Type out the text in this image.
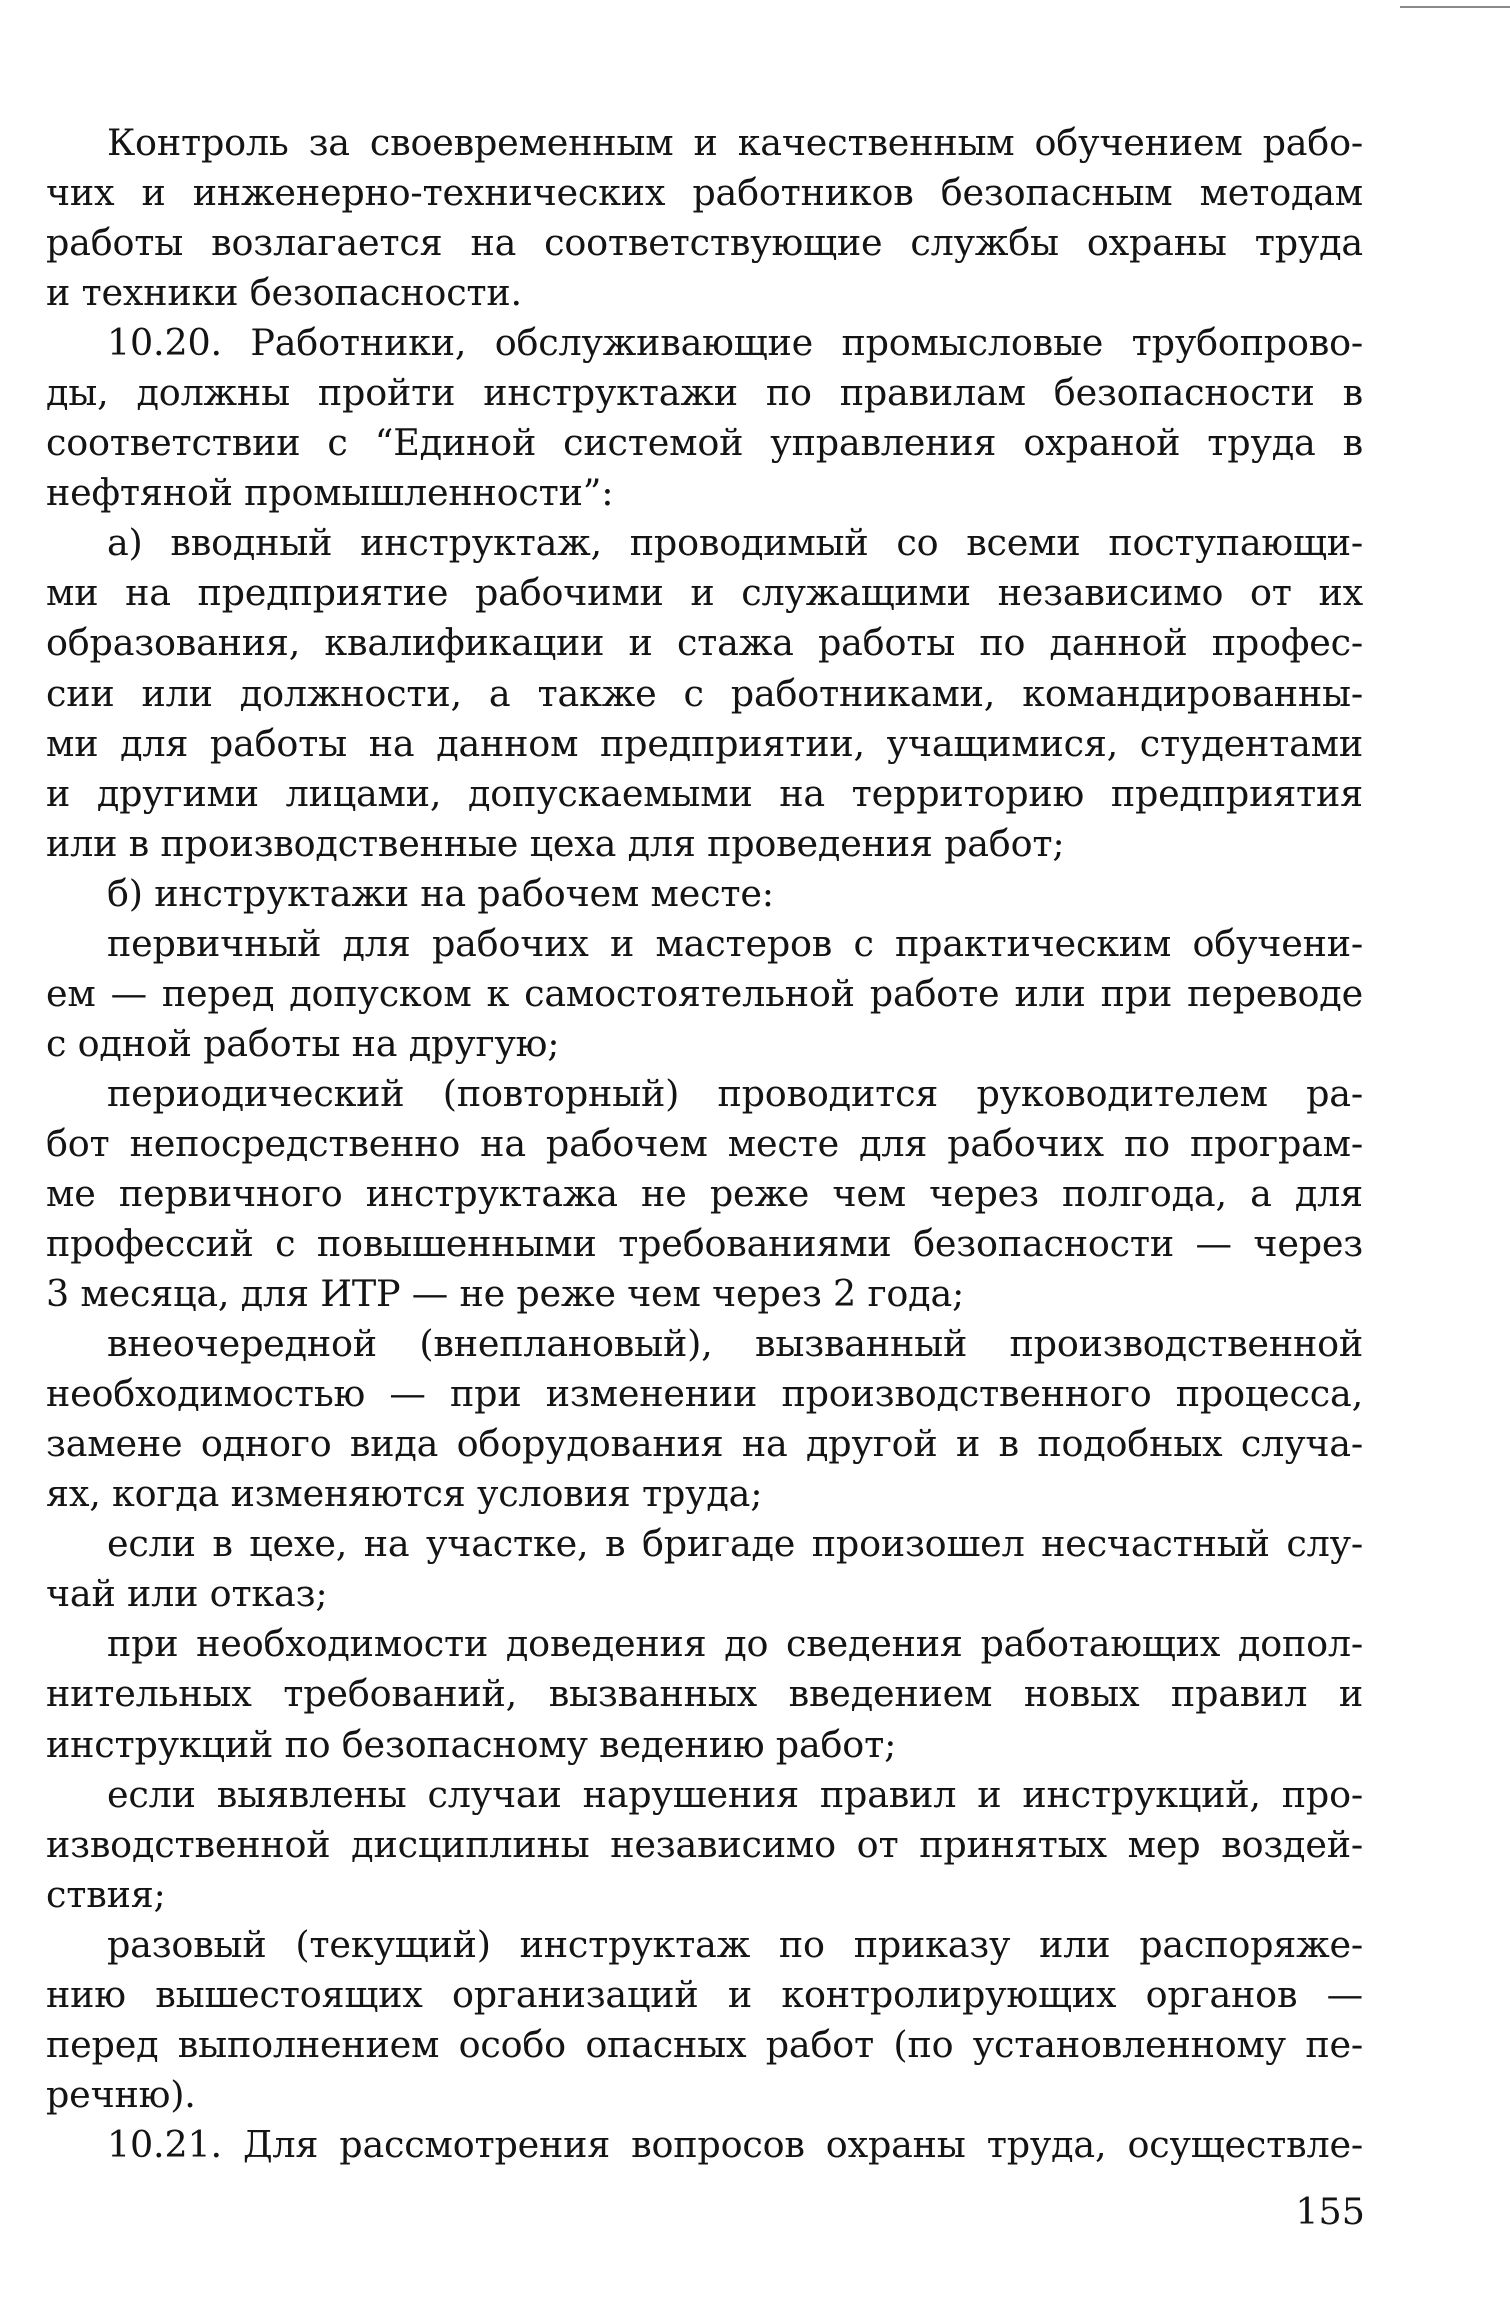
Контроль за своевременным и качественным обучением рабо-
чих и инженерно-технических работников безопасным методам
работы возлагается на соответствующие службы охраны труда
и техники безопасности.
10.20. Работники, обслуживающие промысловые трубопрово-
ды, должны пройти инструктажи по правилам безопасности в
соответствии с “Единой системой управления охраной труда в
нефтяной промышленности”:
а) вводный инструктаж, проводимый со всеми поступающи-
ми на предприятие рабочими и служащими независимо от их
образования, квалификации и стажа работы по данной профес-
сии или должности, а также с работниками, командированны-
ми для работы на данном предприятии, учащимися, студентами
и другими лицами, допускаемыми на территорию предприятия
или в производственные цеха для проведения работ;
б) инструктажи на рабочем месте:
первичный для рабочих и мастеров с практическим обучени-
ем — перед допуском к самостоятельной работе или при переводе
с одной работы на другую;
периодический (повторный) проводится руководителем ра-
бот непосредственно на рабочем месте для рабочих по програм-
ме первичного инструктажа не реже чем через полгода, а для
профессий с повышенными требованиями безопасности — через
3 месяца, для ИТР — не реже чем через 2 года;
внеочередной (внеплановый), вызванный производственной
необходимостью — при изменении производственного процесса,
замене одного вида оборудования на другой и в подобных случа-
ях, когда изменяются условия труда;
если в цехе, на участке, в бригаде произошел несчастный слу-
чай или отказ;
при необходимости доведения до сведения работающих допол-
нительных требований, вызванных введением новых правил и
инструкций по безопасному ведению работ;
если выявлены случаи нарушения правил и инструкций, про-
изводственной дисциплины независимо от принятых мер воздей-
ствия;
разовый (текущий) инструктаж по приказу или распоряже-
нию вышестоящих организаций и контролирующих органов —
перед выполнением особо опасных работ (по установленному пе-
речню).
10.21. Для рассмотрения вопросов охраны труда, осуществле-
155
